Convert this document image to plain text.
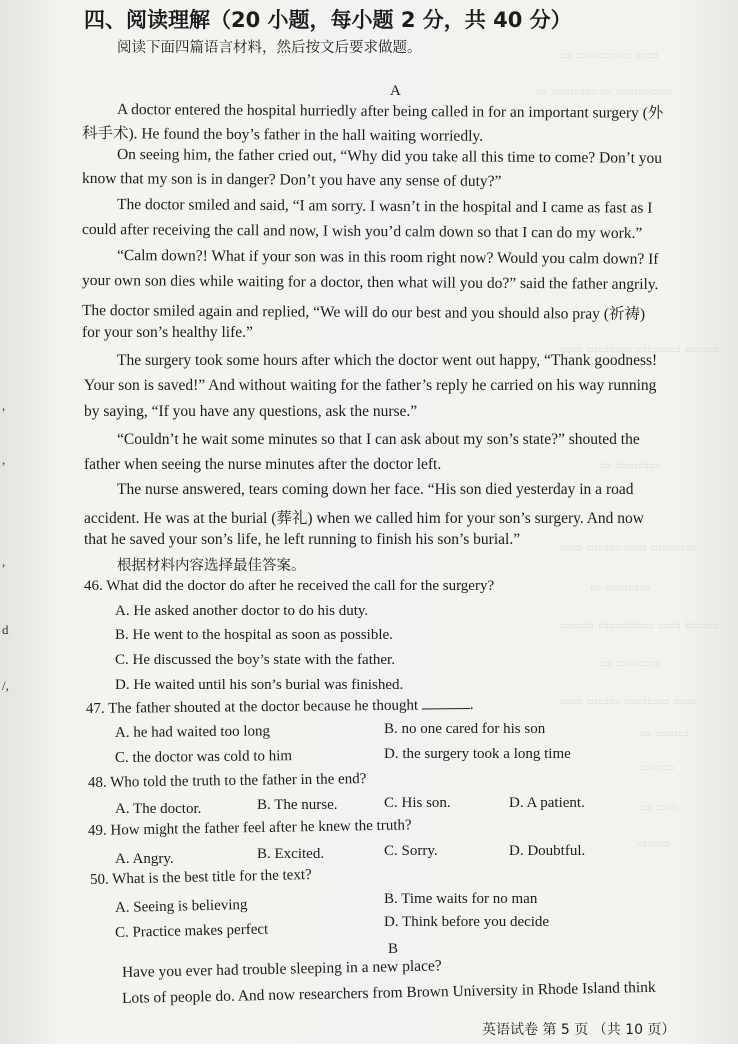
▭ ▭▭▭▭▭ ▭▭
▭ ▭▭▭▭ ▭ ▭▭▭▭▭
▭▭ ▭▭▭▭ ▭▭▭▭ ▭▭▭
▭ ▭▭▭▭
▭▭ ▭▭▭ ▭▭ ▭▭▭▭
▭ ▭▭▭▭
▭▭▭ ▭▭▭▭▭ ▭▭ ▭▭▭
▭ ▭▭▭▭
▭▭ ▭▭▭ ▭▭▭▭ ▭▭
▭ ▭▭▭
▭▭▭
▭ ▭▭
▭▭▭
,
,
,
d
/,
四、阅读理解（20 小题，每小题 2 分，共 40 分）
阅读下面四篇语言材料，然后按文后要求做题。
A
A doctor entered the hospital hurriedly after being called in for an important surgery (外
科手术). He found the boy’s father in the hall waiting worriedly.
On seeing him, the father cried out, “Why did you take all this time to come? Don’t you
know that my son is in danger? Don’t you have any sense of duty?”
The doctor smiled and said, “I am sorry. I wasn’t in the hospital and I came as fast as I
could after receiving the call and now, I wish you’d calm down so that I can do my work.”
“Calm down?! What if your son was in this room right now? Would you calm down? If
your own son dies while waiting for a doctor, then what will you do?” said the father angrily.
The doctor smiled again and replied, “We will do our best and you should also pray (祈祷)
for your son’s healthy life.”
The surgery took some hours after which the doctor went out happy, “Thank goodness!
Your son is saved!” And without waiting for the father’s reply he carried on his way running
by saying, “If you have any questions, ask the nurse.”
“Couldn’t he wait some minutes so that I can ask about my son’s state?” shouted the
father when seeing the nurse minutes after the doctor left.
The nurse answered, tears coming down her face. “His son died yesterday in a road
accident. He was at the burial (葬礼) when we called him for your son’s surgery. And now
that he saved your son’s life, he left running to finish his son’s burial.”
根据材料内容选择最佳答案。
46. What did the doctor do after he received the call for the surgery?
A. He asked another doctor to do his duty.
B. He went to the hospital as soon as possible.
C. He discussed the boy’s state with the father.
D. He waited until his son’s burial was finished.
47. The father shouted at the doctor because he thought	.
A. he had waited too long	B. no one cared for his son
C. the doctor was cold to him	D. the surgery took a long time
48. Who told the truth to the father in the end?
A. The doctor.	B. The nurse.	C. His son.	D. A patient.
49. How might the father feel after he knew the truth?
A. Angry.	B. Excited.	C. Sorry.	D. Doubtful.
50. What is the best title for the text?
A. Seeing is believing	B. Time waits for no man
C. Practice makes perfect	D. Think before you decide
B
Have you ever had trouble sleeping in a new place?
Lots of people do. And now researchers from Brown University in Rhode Island think
英语试卷 第 5 页 （共 10 页）
